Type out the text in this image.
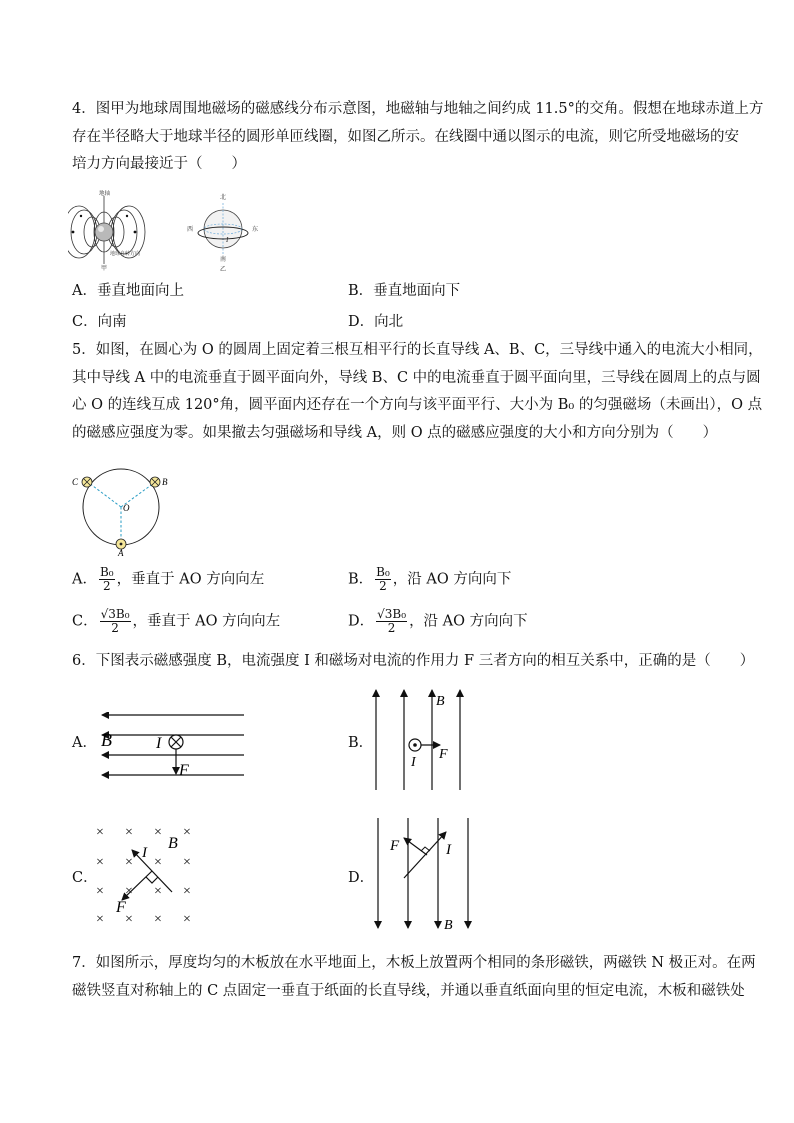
4．图甲为地球周围地磁场的磁感线分布示意图，地磁轴与地轴之间约成 11.5°的交角。假想在地球赤道上方
存在半径略大于地球半径的圆形单匝线圈，如图乙所示。在线圈中通以图示的电流，则它所受地磁场的安
培力方向最接近于（　　）
地轴
地球自转方向
甲
北
西	东
I
南
乙
A．垂直地面向上	B．垂直地面向下
C．向南	D．向北
5．如图，在圆心为 O 的圆周上固定着三根互相平行的长直导线 A、B、C，三导线中通入的电流大小相同，
其中导线 A 中的电流垂直于圆平面向外，导线 B、C 中的电流垂直于圆平面向里，三导线在圆周上的点与圆
心 O 的连线互成 120°角，圆平面内还存在一个方向与该平面平行、大小为 B₀ 的匀强磁场（未画出），O 点
的磁感应强度为零。如果撤去匀强磁场和导线 A，则 O 点的磁感应强度的大小和方向分别为（　　）
C	B
O
A
A． $\frac{\text{B₀}}{2}$ ，垂直于 AO 方向向左	B． $\frac{\text{B₀}}{2}$ ，沿 AO 方向向下
C． $\frac{\text{√3B₀}}{2}$ ，垂直于 AO 方向向左	D． $\frac{\text{√3B₀}}{2}$ ，沿 AO 方向向下
6．下图表示磁感强度 B，电流强度 I 和磁场对电流的作用力 F 三者方向的相互关系中，正确的是（　　）
A． B	I
F
B．
B
I
F
C．
× × × ×
× × × ×
× × × ×
× × × ×
I
B
F
D．
F	I
B
7．如图所示，厚度均匀的木板放在水平地面上，木板上放置两个相同的条形磁铁，两磁铁 N 极正对。在两
磁铁竖直对称轴上的 C 点固定一垂直于纸面的长直导线，并通以垂直纸面向里的恒定电流，木板和磁铁处
